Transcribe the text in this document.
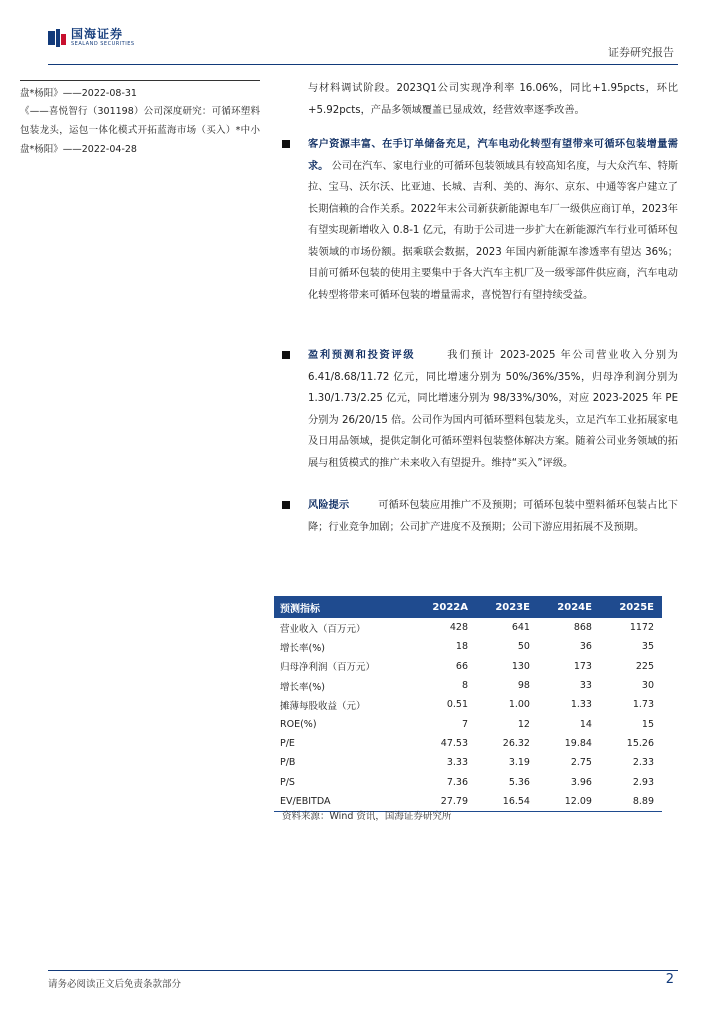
国海证券
SEALAND SECURITIES
证券研究报告
盘*杨阳》——2022-08-31
《——喜悦智行（301198）公司深度研究：可循环塑料包装龙头，运包一体化模式开拓蓝海市场（买入）*中小盘*杨阳》——2022-04-28
与材料调试阶段。2023Q1公司实现净利率 16.06%，同比+1.95pcts，环比+5.92pcts，产品多领域覆盖已显成效，经营效率逐季改善。
客户资源丰富、在手订单储备充足，汽车电动化转型有望带来可循环包装增量需求。 公司在汽车、家电行业的可循环包装领域具有较高知名度，与大众汽车、特斯拉、宝马、沃尔沃、比亚迪、长城、吉利、美的、海尔、京东、中通等客户建立了长期信赖的合作关系。2022年末公司新获新能源电车厂一级供应商订单，2023年有望实现新增收入 0.8-1 亿元，有助于公司进一步扩大在新能源汽车行业可循环包装领域的市场份额。据乘联会数据，2023 年国内新能源车渗透率有望达 36%；目前可循环包装的使用主要集中于各大汽车主机厂及一级零部件供应商，汽车电动化转型将带来可循环包装的增量需求，喜悦智行有望持续受益。
盈利预测和投资评级	我们预计 2023-2025 年公司营业收入分别为 6.41/8.68/11.72 亿元，同比增速分别为 50%/36%/35%，归母净利润分别为 1.30/1.73/2.25 亿元，同比增速分别为 98/33%/30%，对应 2023-2025 年 PE 分别为 26/20/15 倍。公司作为国内可循环塑料包装龙头，立足汽车工业拓展家电及日用品领域，提供定制化可循环塑料包装整体解决方案。随着公司业务领域的拓展与租赁模式的推广未来收入有望提升。维持“买入”评级。
风险提示	可循环包装应用推广不及预期；可循环包装中塑料循环包装占比下降；行业竞争加剧；公司扩产进度不及预期；公司下游应用拓展不及预期。
预测指标	2022A	2023E	2024E	2025E
营业收入（百万元）	428	641	868	1172
增长率(%)	18	50	36	35
归母净利润（百万元）	66	130	173	225
增长率(%)	8	98	33	30
摊薄每股收益（元）	0.51	1.00	1.33	1.73
ROE(%)	7	12	14	15
P/E	47.53	26.32	19.84	15.26
P/B	3.33	3.19	2.75	2.33
P/S	7.36	5.36	3.96	2.93
EV/EBITDA	27.79	16.54	12.09	8.89
资料来源：Wind 资讯，国海证券研究所
请务必阅读正文后免责条款部分	2
